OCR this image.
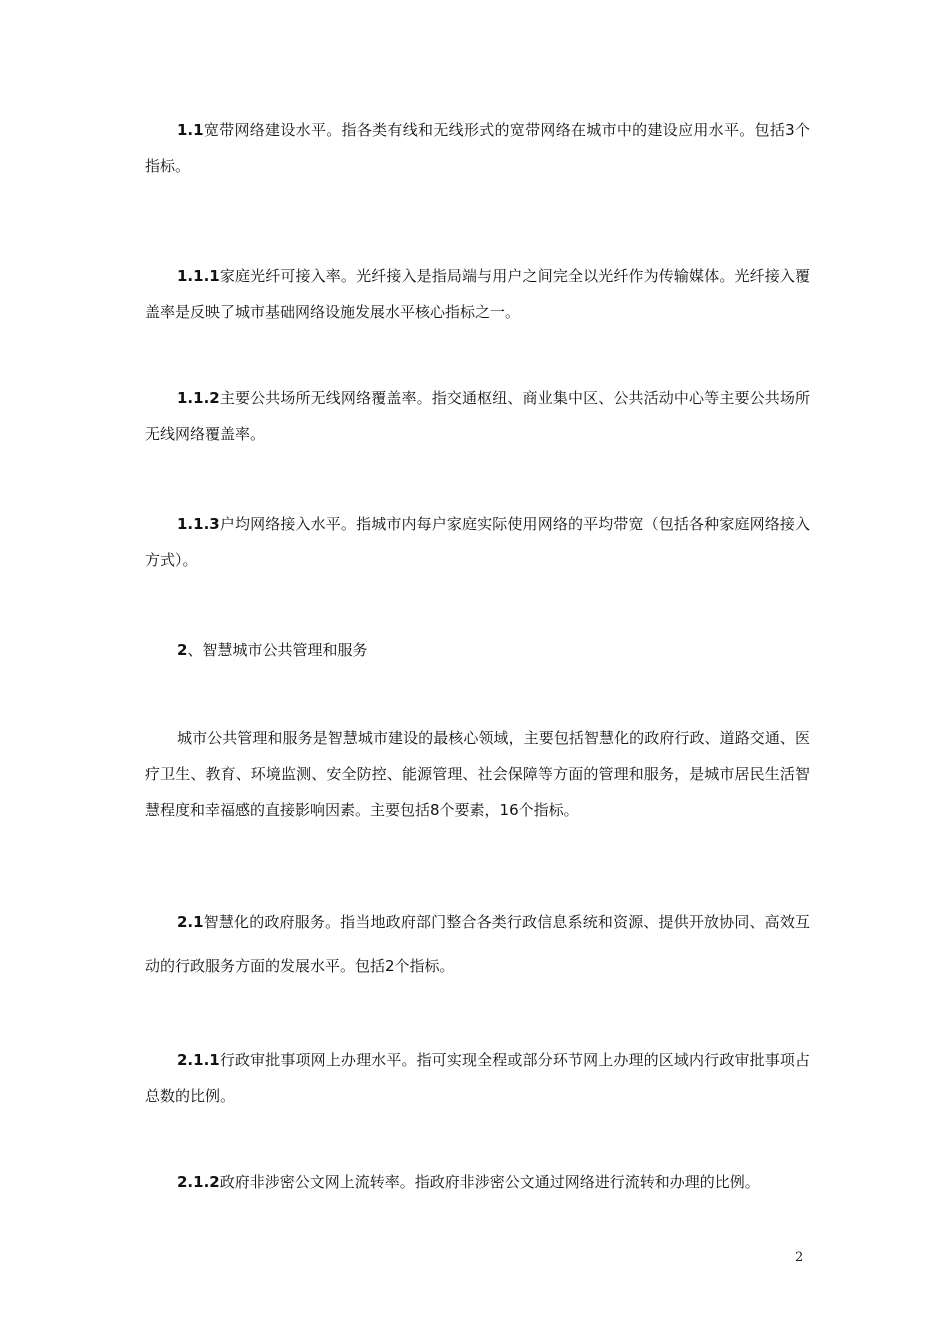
1.1宽带网络建设水平。指各类有线和无线形式的宽带网络在城市中的建设应用水平。包括3个指标。

1.1.1家庭光纤可接入率。光纤接入是指局端与用户之间完全以光纤作为传输媒体。光纤接入覆盖率是反映了城市基础网络设施发展水平核心指标之一。

1.1.2主要公共场所无线网络覆盖率。指交通枢纽、商业集中区、公共活动中心等主要公共场所无线网络覆盖率。

1.1.3户均网络接入水平。指城市内每户家庭实际使用网络的平均带宽（包括各种家庭网络接入方式）。

2、智慧城市公共管理和服务

城市公共管理和服务是智慧城市建设的最核心领域，主要包括智慧化的政府行政、道路交通、医疗卫生、教育、环境监测、安全防控、能源管理、社会保障等方面的管理和服务，是城市居民生活智慧程度和幸福感的直接影响因素。主要包括8个要素，16个指标。

2.1智慧化的政府服务。指当地政府部门整合各类行政信息系统和资源、提供开放协同、高效互动的行政服务方面的发展水平。包括2个指标。

2.1.1行政审批事项网上办理水平。指可实现全程或部分环节网上办理的区域内行政审批事项占总数的比例。

2.1.2政府非涉密公文网上流转率。指政府非涉密公文通过网络进行流转和办理的比例。

2
